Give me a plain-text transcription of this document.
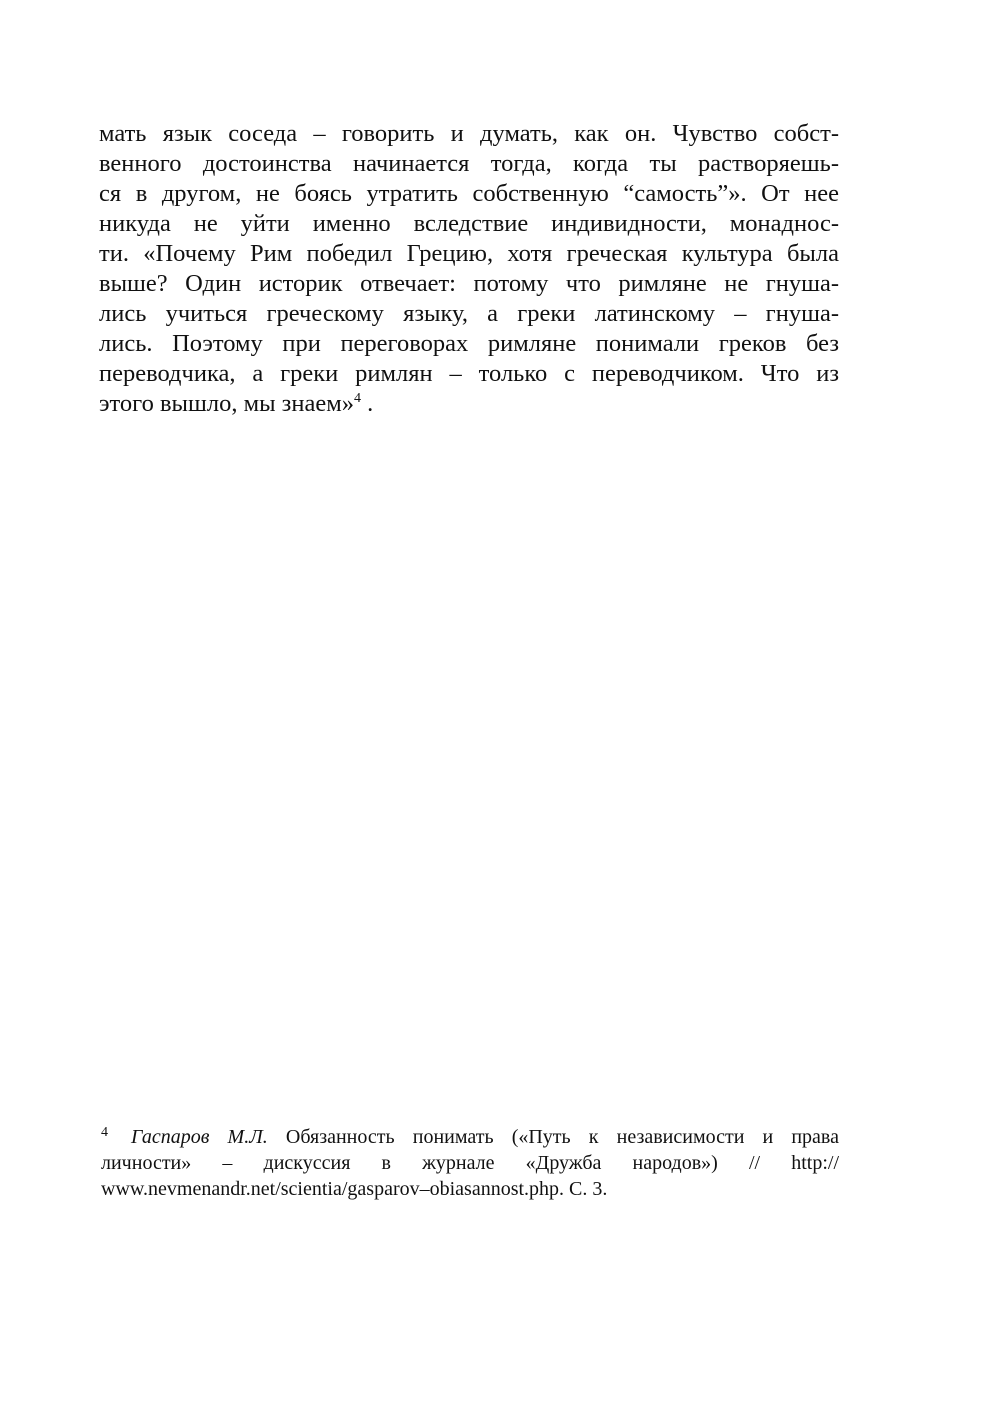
мать язык соседа – говорить и думать, как он. Чувство собст-
венного достоинства начинается тогда, когда ты растворяешь-
ся в другом, не боясь утратить собственную “самость”». От нее
никуда не уйти именно вследствие индивидности, монаднос-
ти. «Почему Рим победил Грецию, хотя греческая культура была
выше? Один историк отвечает: потому что римляне не гнуша-
лись учиться греческому языку, а греки латинскому – гнуша-
лись. Поэтому при переговорах римляне понимали греков без
переводчика, а греки римлян – только с переводчиком. Что из
этого вышло, мы знаем»$^4$ .
4 Гаспаров М.Л. Обязанность понимать («Путь к независимости и права
личности» – дискуссия в журнале «Дружба народов») // http://
www.nevmenandr.net/scientia/gasparov–obiasannost.php. С. 3.
